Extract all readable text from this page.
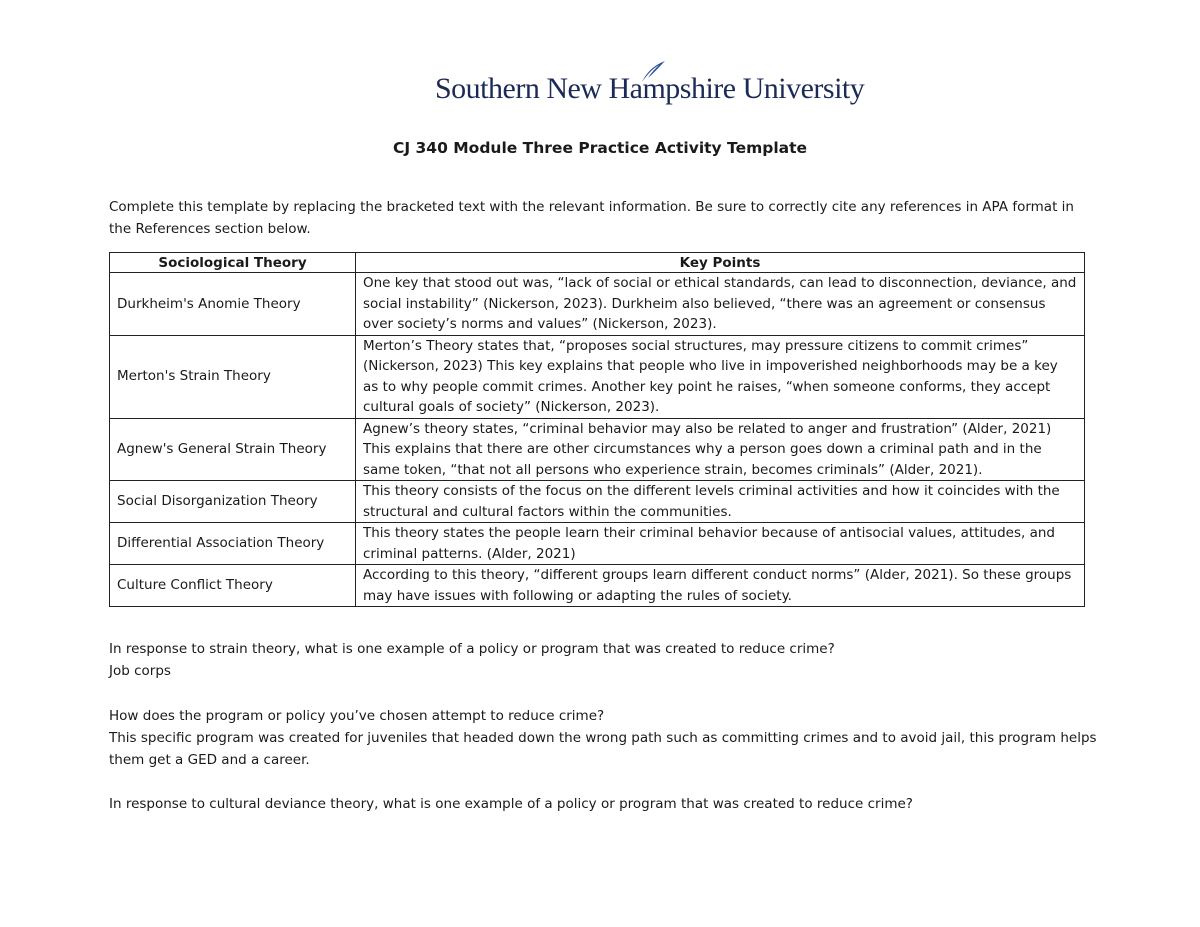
Southern New Hampshire University
CJ 340 Module Three Practice Activity Template
Complete this template by replacing the bracketed text with the relevant information. Be sure to correctly cite any references in APA format in the References section below.
Sociological Theory	Key Points
Durkheim's Anomie Theory	One key that stood out was, “lack of social or ethical standards, can lead to disconnection, deviance, and social instability” (Nickerson, 2023). Durkheim also believed, “there was an agreement or consensus over society’s norms and values” (Nickerson, 2023).
Merton's Strain Theory	Merton’s Theory states that, “proposes social structures, may pressure citizens to commit crimes” (Nickerson, 2023) This key explains that people who live in impoverished neighborhoods may be a key as to why people commit crimes. Another key point he raises, “when someone conforms, they accept cultural goals of society” (Nickerson, 2023).
Agnew's General Strain Theory	Agnew’s theory states, “criminal behavior may also be related to anger and frustration” (Alder, 2021) This explains that there are other circumstances why a person goes down a criminal path and in the same token, “that not all persons who experience strain, becomes criminals” (Alder, 2021).
Social Disorganization Theory	This theory consists of the focus on the different levels criminal activities and how it coincides with the structural and cultural factors within the communities.
Differential Association Theory	This theory states the people learn their criminal behavior because of antisocial values, attitudes, and criminal patterns. (Alder, 2021)
Culture Conflict Theory	According to this theory, “different groups learn different conduct norms” (Alder, 2021). So these groups may have issues with following or adapting the rules of society.
In response to strain theory, what is one example of a policy or program that was created to reduce crime?
Job corps
How does the program or policy you’ve chosen attempt to reduce crime?
This specific program was created for juveniles that headed down the wrong path such as committing crimes and to avoid jail, this program helps them get a GED and a career.
In response to cultural deviance theory, what is one example of a policy or program that was created to reduce crime?
